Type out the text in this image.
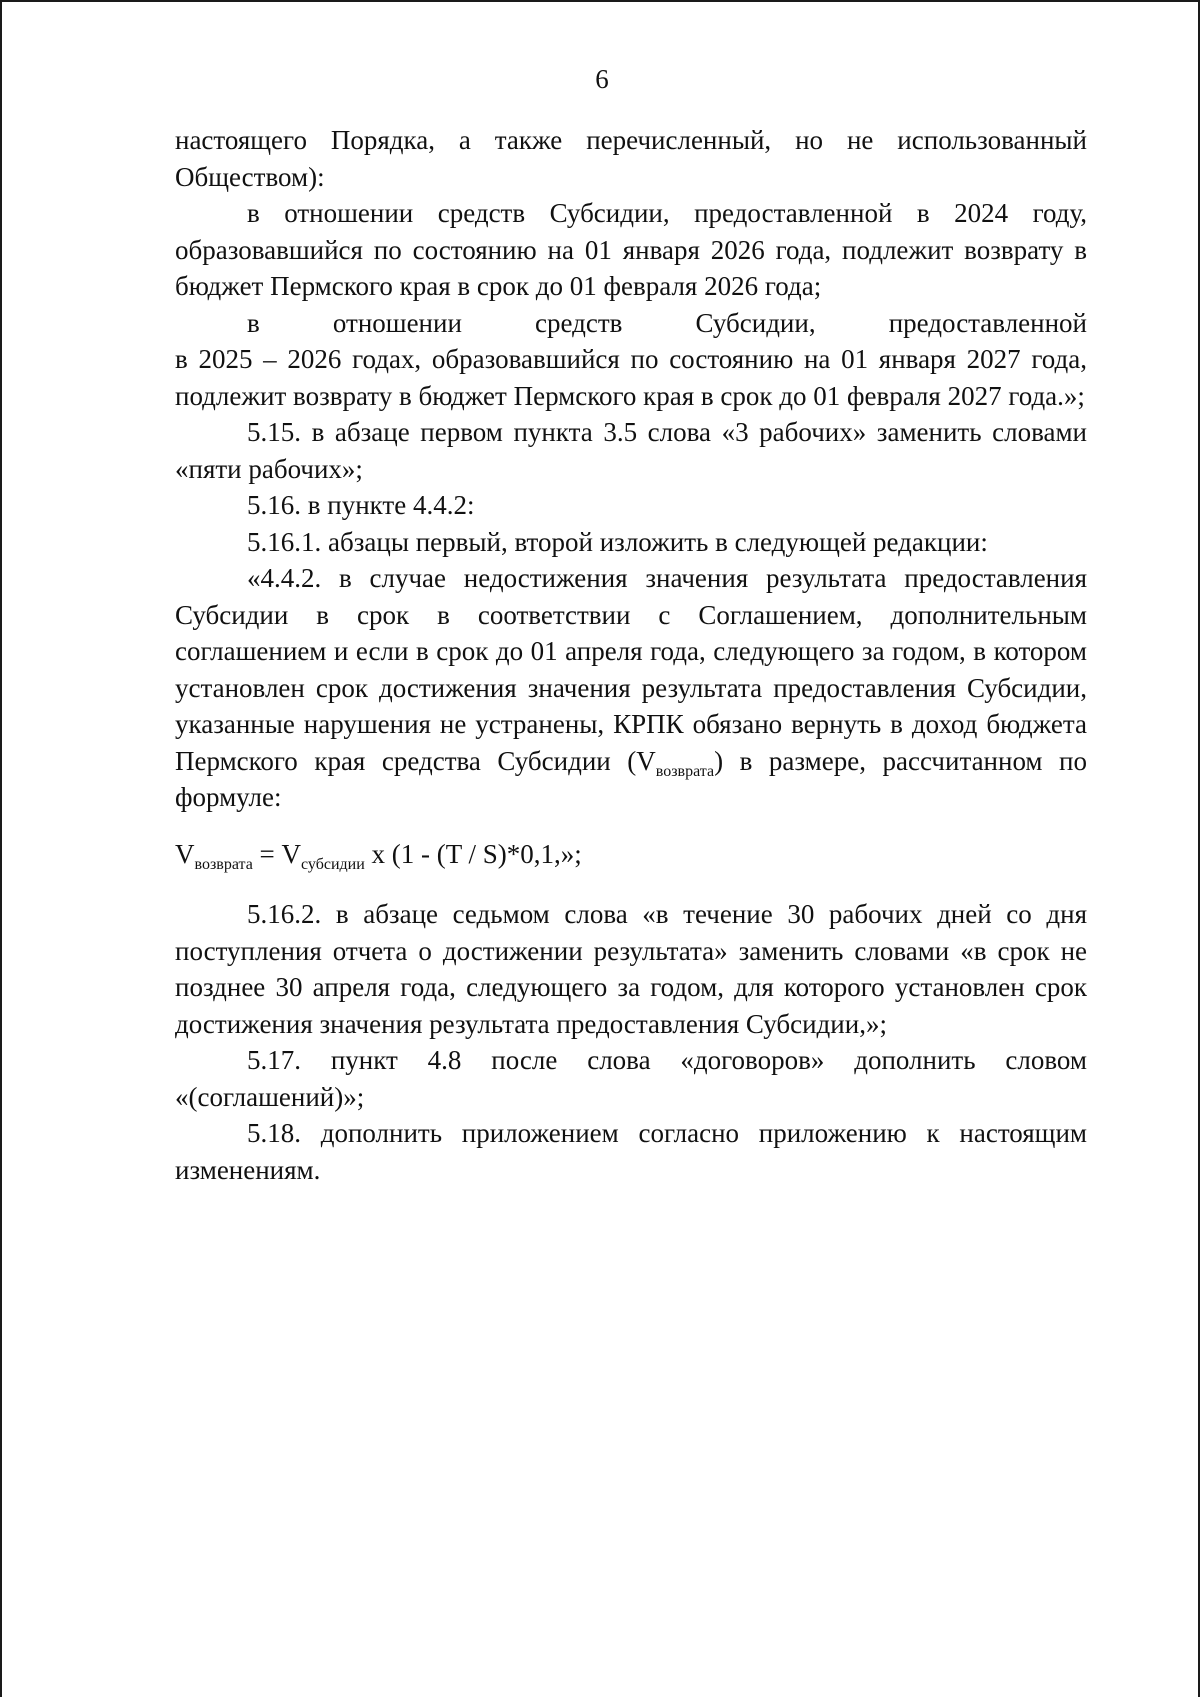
6

настоящего Порядка, а также перечисленный, но не использованный Обществом):

в отношении средств Субсидии, предоставленной в 2024 году, образовавшийся по состоянию на 01 января 2026 года, подлежит возврату в бюджет Пермского края в срок до 01 февраля 2026 года;

в отношении средств Субсидии, предоставленной
в 2025 – 2026 годах, образовавшийся по состоянию на 01 января 2027 года, подлежит возврату в бюджет Пермского края в срок до 01 февраля 2027 года.»;

5.15. в абзаце первом пункта 3.5 слова «3 рабочих» заменить словами «пяти рабочих»;

5.16. в пункте 4.4.2:

5.16.1. абзацы первый, второй изложить в следующей редакции:

«4.4.2. в случае недостижения значения результата предоставления Субсидии в срок в соответствии с Соглашением, дополнительным соглашением и если в срок до 01 апреля года, следующего за годом, в котором установлен срок достижения значения результата предоставления Субсидии, указанные нарушения не устранены, КРПК обязано вернуть в доход бюджета Пермского края средства Субсидии $(V_{возврата})$ в размере, рассчитанном по формуле:

$V_{возврата} = V_{субсидии}$ x (1 - (T / S)*0,1,»;

5.16.2. в абзаце седьмом слова «в течение 30 рабочих дней со дня поступления отчета о достижении результата» заменить словами «в срок не позднее 30 апреля года, следующего за годом, для которого установлен срок достижения значения результата предоставления Субсидии,»;

5.17. пункт 4.8 после слова «договоров» дополнить словом «(соглашений)»;

5.18. дополнить приложением согласно приложению к настоящим изменениям.
